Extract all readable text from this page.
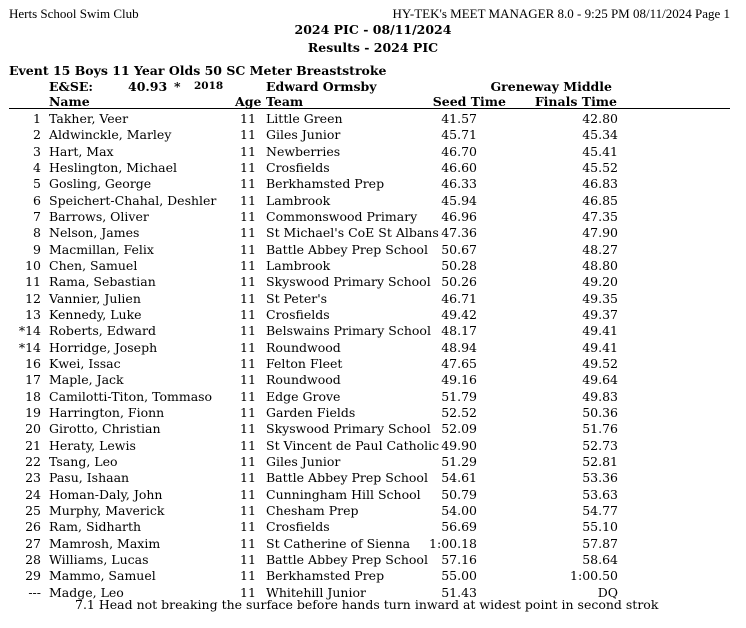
Herts School Swim Club	HY-TEK's MEET MANAGER 8.0 - 9:25 PM 08/11/2024 Page 1
2024 PIC - 08/11/2024
Results - 2024 PIC
Event 15 Boys 11 Year Olds 50 SC Meter Breaststroke
E&SE:	40.93 * 2018	Edward Ormsby	Greneway Middle
Name	Age Team	Seed Time Finals Time
1 Takher, Veer	11 Little Green	41.57	42.80
2 Aldwinckle, Marley	11 Giles Junior	45.71	45.34
3 Hart, Max	11 Newberries	46.70	45.41
4 Heslington, Michael	11 Crosfields	46.60	45.52
5 Gosling, George	11 Berkhamsted Prep	46.33	46.83
6 Speichert-Chahal, Deshler 11 Lambrook	45.94	46.85
7 Barrows, Oliver	11 Commonswood Primary 46.96	47.35
8 Nelson, James	11 St Michael's CoE St Albans 47.36	47.90
9 Macmillan, Felix	11 Battle Abbey Prep School 50.67	48.27
10 Chen, Samuel	11 Lambrook	50.28	48.80
11 Rama, Sebastian	11 Skyswood Primary School 50.26	49.20
12 Vannier, Julien	11 St Peter's	46.71	49.35
13 Kennedy, Luke	11 Crosfields	49.42	49.37
*14 Roberts, Edward	11 Belswains Primary School 48.17	49.41
*14 Horridge, Joseph	11 Roundwood	48.94	49.41
16 Kwei, Issac	11 Felton Fleet	47.65	49.52
17 Maple, Jack	11 Roundwood	49.16	49.64
18 Camilotti-Titon, Tommaso 11 Edge Grove	51.79	49.83
19 Harrington, Fionn	11 Garden Fields	52.52	50.36
20 Girotto, Christian	11 Skyswood Primary School 52.09	51.76
21 Heraty, Lewis	11 St Vincent de Paul Catholic 49.90	52.73
22 Tsang, Leo	11 Giles Junior	51.29	52.81
23 Pasu, Ishaan	11 Battle Abbey Prep School 54.61	53.36
24 Homan-Daly, John	11 Cunningham Hill School 50.79	53.63
25 Murphy, Maverick	11 Chesham Prep	54.00	54.77
26 Ram, Sidharth	11 Crosfields	56.69	55.10
27 Mamrosh, Maxim	11 St Catherine of Sienna 1:00.18	57.87
28 Williams, Lucas	11 Battle Abbey Prep School 57.16	58.64
29 Mammo, Samuel	11 Berkhamsted Prep	55.00	1:00.50
--- Madge, Leo	11 Whitehill Junior	51.43	DQ
7.1 Head not breaking the surface before hands turn inward at widest point in second strok
